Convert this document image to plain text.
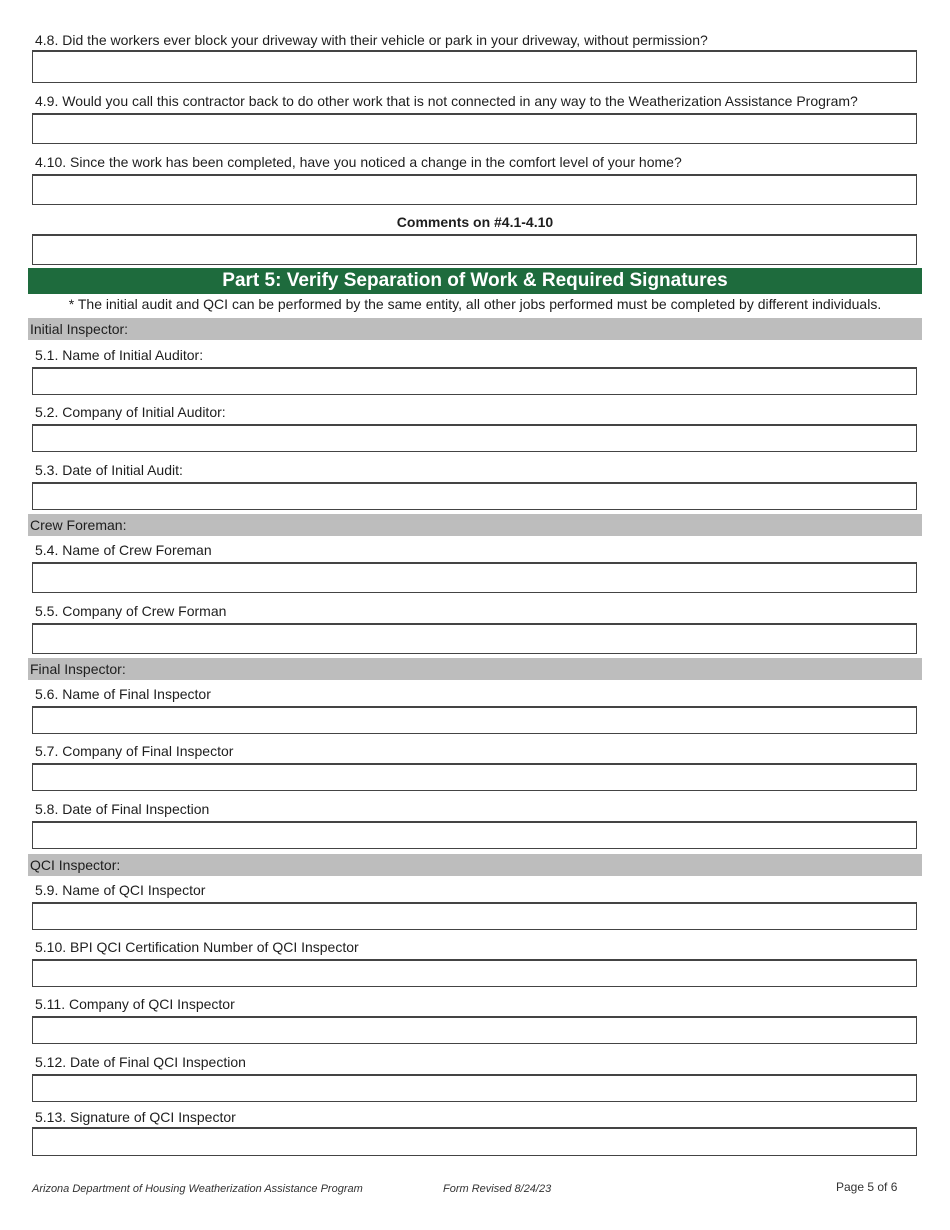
4.8. Did the workers ever block your driveway with their vehicle or park in your driveway, without permission?
4.9. Would you call this contractor back to do other work that is not connected in any way to the Weatherization Assistance Program?
4.10. Since the work has been completed, have you noticed a change in the comfort level of your home?
Comments on #4.1-4.10
Part 5: Verify Separation of Work & Required Signatures
* The initial audit and QCI can be performed by the same entity, all other jobs performed must be completed by different individuals.
Initial Inspector:
5.1. Name of Initial Auditor:
5.2. Company of Initial Auditor:
5.3. Date of Initial Audit:
Crew Foreman:
5.4. Name of Crew Foreman
5.5. Company of Crew Forman
Final Inspector:
5.6. Name of Final Inspector
5.7. Company of Final Inspector
5.8. Date of Final Inspection
QCI Inspector:
5.9. Name of QCI Inspector
5.10. BPI QCI Certification Number of QCI Inspector
5.11. Company of QCI Inspector
5.12. Date of Final QCI Inspection
5.13. Signature of QCI Inspector
Arizona Department of Housing Weatherization Assistance Program	Form Revised 8/24/23	Page 5 of 6
